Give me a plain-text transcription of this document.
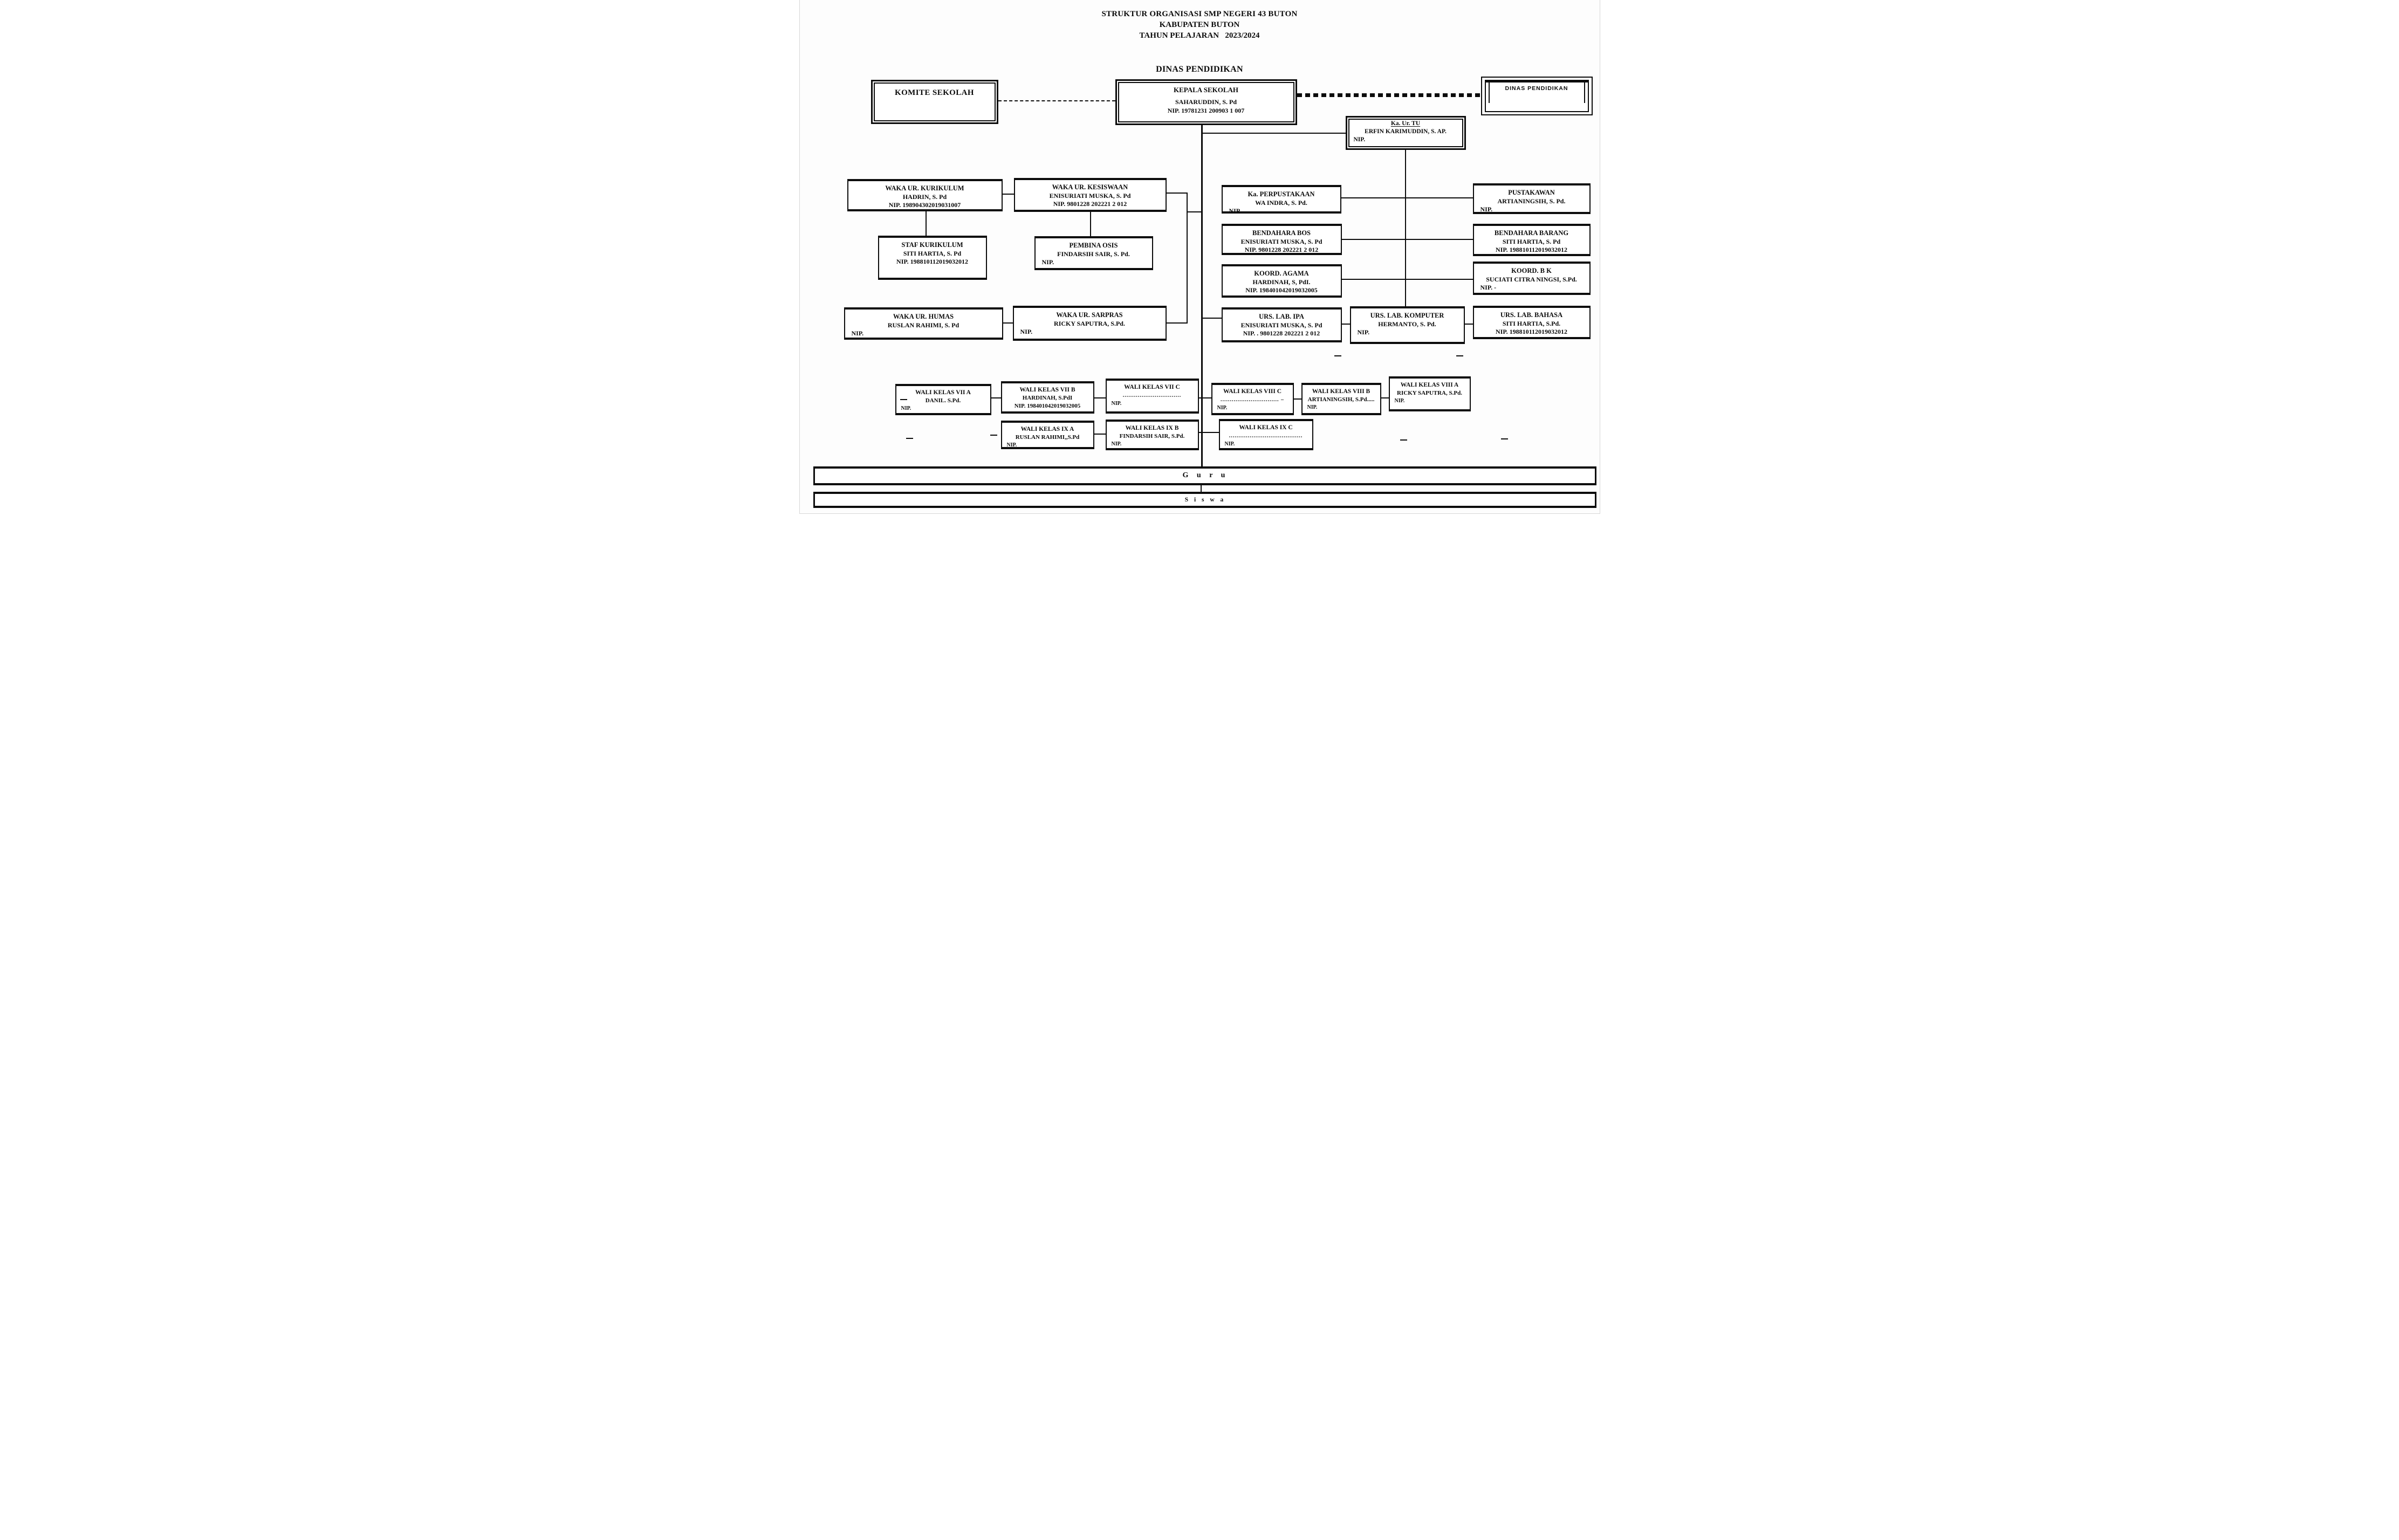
STRUKTUR ORGANISASI SMP NEGERI 43 BUTON
KABUPATEN BUTON
TAHUN PELAJARAN  2023/2024
DINAS PENDIDIKAN
KOMITE SEKOLAH	KEPALA SEKOLAH
SAHARUDDIN, S. Pd
NIP. 19781231 200903 1 007
DINAS PENDIDIKAN
Ka. Ur. TU
ERFIN KARIMUDDIN, S. AP.
NIP.
WAKA UR. KURIKULUM
HADRIN, S. Pd
NIP. 198904302019031007
WAKA UR. KESISWAAN
ENISURIATI MUSKA, S. Pd
NIP. 9801228 202221 2 012
STAF KURIKULUM
SITI HARTIA, S. Pd
NIP. 198810112019032012
PEMBINA OSIS
FINDARSIH SAIR, S. Pd.
NIP.
WAKA UR. HUMAS
RUSLAN RAHIMI, S. Pd
NIP.
WAKA UR. SARPRAS
RICKY SAPUTRA, S.Pd.
NIP.
Ka. PERPUSTAKAAN
WA INDRA, S. Pd.
NIP.
PUSTAKAWAN
ARTIANINGSIH, S. Pd.
NIP.
BENDAHARA BOS
ENISURIATI MUSKA, S. Pd
NIP. 9801228 202221 2 012
BENDAHARA BARANG
SITI HARTIA, S. Pd
NIP. 198810112019032012
KOORD. AGAMA
HARDINAH, S, PdI.
NIP. 198401042019032005
KOORD. B K
SUCIATI CITRA NINGSI, S.Pd.
NIP. -
URS. LAB. IPA
ENISURIATI MUSKA, S. Pd
NIP. . 9801228 202221 2 012
URS. LAB. KOMPUTER
HERMANTO, S. Pd.
NIP.
URS. LAB. BAHASA
SITI HARTIA, S.Pd.
NIP. 198810112019032012
WALI KELAS VII A
DANIL. S.Pd.
NIP.
WALI KELAS VII B
HARDINAH, S.PdI
NIP. 198401042019032005
WALI KELAS VII C
...............................
NIP.
WALI KELAS VIII C
............................... –
NIP.
WALI KELAS VIII B
ARTIANINGSIH, S.Pd.....
NIP.
WALI KELAS VIII A
RICKY SAPUTRA, S.Pd.
NIP.
WALI KELAS IX A
RUSLAN RAHIMI,,S.Pd
NIP.
WALI KELAS IX B
FINDARSIH SAIR, S.Pd.
NIP.
WALI KELAS IX C
.......................................
NIP.
G u r u
S i s w a
